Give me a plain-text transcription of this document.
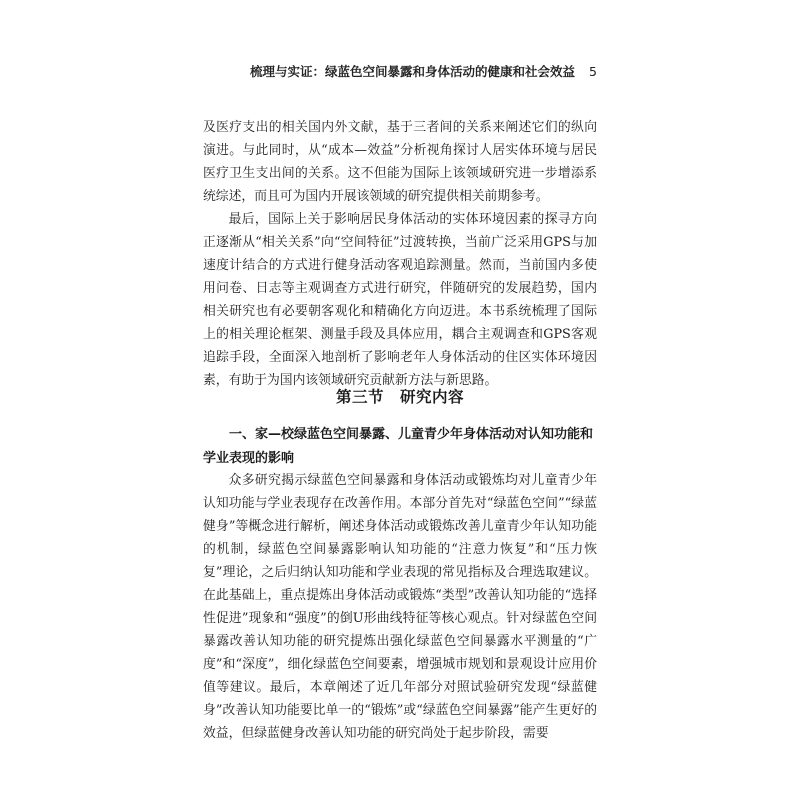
梳理与实证：绿蓝色空间暴露和身体活动的健康和社会效益 5

及医疗支出的相关国内外文献，基于三者间的关系来阐述它们的纵向演进。与此同时，从“成本—效益”分析视角探讨人居实体环境与居民医疗卫生支出间的关系。这不但能为国际上该领域研究进一步增添系统综述，而且可为国内开展该领域的研究提供相关前期参考。

最后，国际上关于影响居民身体活动的实体环境因素的探寻方向正逐渐从“相关关系”向“空间特征”过渡转换，当前广泛采用GPS与加速度计结合的方式进行健身活动客观追踪测量。然而，当前国内多使用问卷、日志等主观调查方式进行研究，伴随研究的发展趋势，国内相关研究也有必要朝客观化和精确化方向迈进。本书系统梳理了国际上的相关理论框架、测量手段及具体应用，耦合主观调查和GPS客观追踪手段，全面深入地剖析了影响老年人身体活动的住区实体环境因素，有助于为国内该领域研究贡献新方法与新思路。

第三节　研究内容
一、家—校绿蓝色空间暴露、儿童青少年身体活动对认知功能和学业表现的影响

众多研究揭示绿蓝色空间暴露和身体活动或锻炼均对儿童青少年认知功能与学业表现存在改善作用。本部分首先对“绿蓝色空间”“绿蓝健身”等概念进行解析，阐述身体活动或锻炼改善儿童青少年认知功能的机制，绿蓝色空间暴露影响认知功能的“注意力恢复”和“压力恢复”理论，之后归纳认知功能和学业表现的常见指标及合理选取建议。在此基础上，重点提炼出身体活动或锻炼“类型”改善认知功能的“选择性促进”现象和“强度”的倒U形曲线特征等核心观点。针对绿蓝色空间暴露改善认知功能的研究提炼出强化绿蓝色空间暴露水平测量的“广度”和“深度”，细化绿蓝色空间要素，增强城市规划和景观设计应用价值等建议。最后，本章阐述了近几年部分对照试验研究发现“绿蓝健身”改善认知功能要比单一的“锻炼”或“绿蓝色空间暴露”能产生更好的效益，但绿蓝健身改善认知功能的研究尚处于起步阶段，需要
